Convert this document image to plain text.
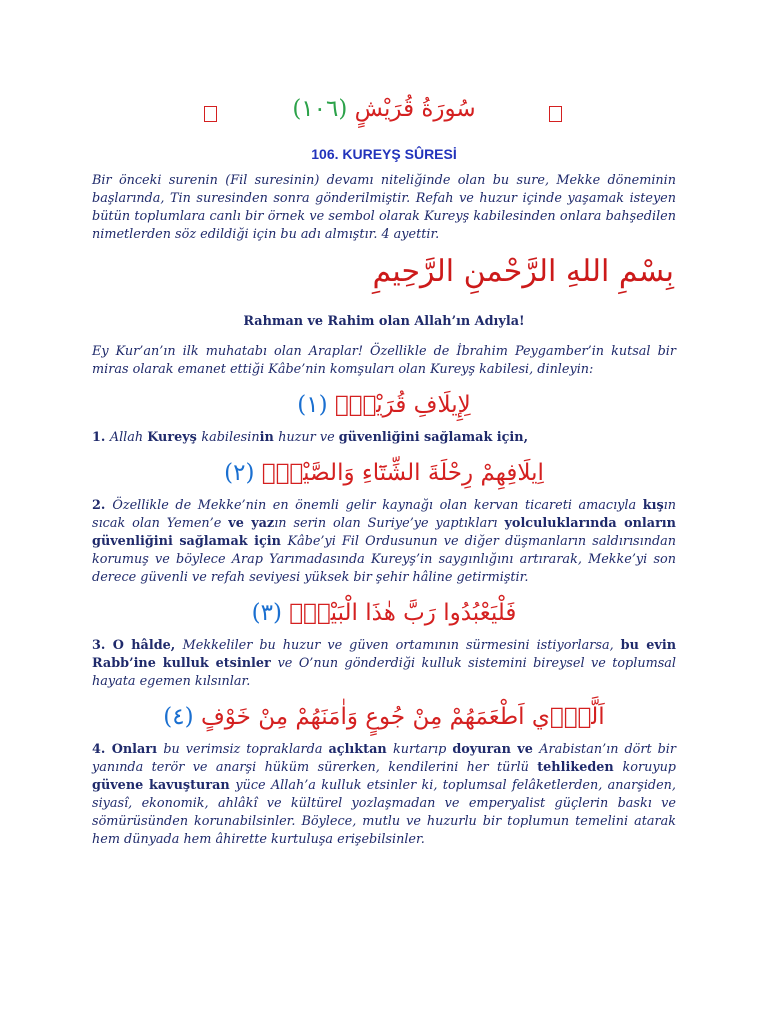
سُورَةُ قُرَيْشٍ (١٠٦)
106. KUREYŞ SÛRESİ

Bir önceki surenin (Fil suresinin) devamı niteliğinde olan bu sure, Mekke döneminin başlarında, Tin suresinden sonra gönderilmiştir. Refah ve huzur içinde yaşamak isteyen bütün toplumlara canlı bir örnek ve sembol olarak Kureyş kabilesinden onlara bahşedilen nimetlerden söz edildiği için bu adı almıştır. 4 ayettir.

بِسْمِ اللهِ الرَّحْمنِ الرَّحِيمِ
Rahman ve Rahim olan Allah’ın Adıyla!

Ey Kur’an’ın ilk muhatabı olan Araplar! Özellikle de İbrahim Peygamber’in kutsal bir miras olarak emanet ettiği Kâbe’nin komşuları olan Kureyş kabilesi, dinleyin:

لِإِيلَافِ قُرَيْشٍۙ (١)

1. Allah Kureyş kabilesinin huzur ve güvenliğini sağlamak için,

اِيلَافِهِمْ رِحْلَةَ الشِّتَٓاءِ وَالصَّيْفِۚ (٢)

2. Özellikle de Mekke’nin en önemli gelir kaynağı olan kervan ticareti amacıyla kışın sıcak olan Yemen’e ve yazın serin olan Suriye’ye yaptıkları yolculuklarında onların güvenliğini sağlamak için Kâbe’yi Fil Ordusunun ve diğer düşmanların saldırısından korumuş ve böylece Arap Yarımadasında Kureyş’in saygınlığını artırarak, Mekke’yi son derece güvenli ve refah seviyesi yüksek bir şehir hâline getirmiştir.

فَلْيَعْبُدُوا رَبَّ هٰذَا الْبَيْتِۙ (٣)

3. O hâlde, Mekkeliler bu huzur ve güven ortamının sürmesini istiyorlarsa, bu evin Rabb’ine kulluk etsinler ve O’nun gönderdiği kulluk sistemini bireysel ve toplumsal hayata egemen kılsınlar.

اَلَّذ۪ٓي اَطْعَمَهُمْ مِنْ جُوعٍ وَاٰمَنَهُمْ مِنْ خَوْفٍ (٤)

4. Onları bu verimsiz topraklarda açlıktan kurtarıp doyuran ve Arabistan’ın dört bir yanında terör ve anarşi hüküm sürerken, kendilerini her türlü tehlikeden koruyup güvene kavuşturan yüce Allah’a kulluk etsinler ki, toplumsal felâketlerden, anarşiden, siyasî, ekonomik, ahlâkî ve kültürel yozlaşmadan ve emperyalist güçlerin baskı ve sömürüsünden korunabilsinler. Böylece, mutlu ve huzurlu bir toplumun temelini atarak hem dünyada hem âhirette kurtuluşa erişebilsinler.
